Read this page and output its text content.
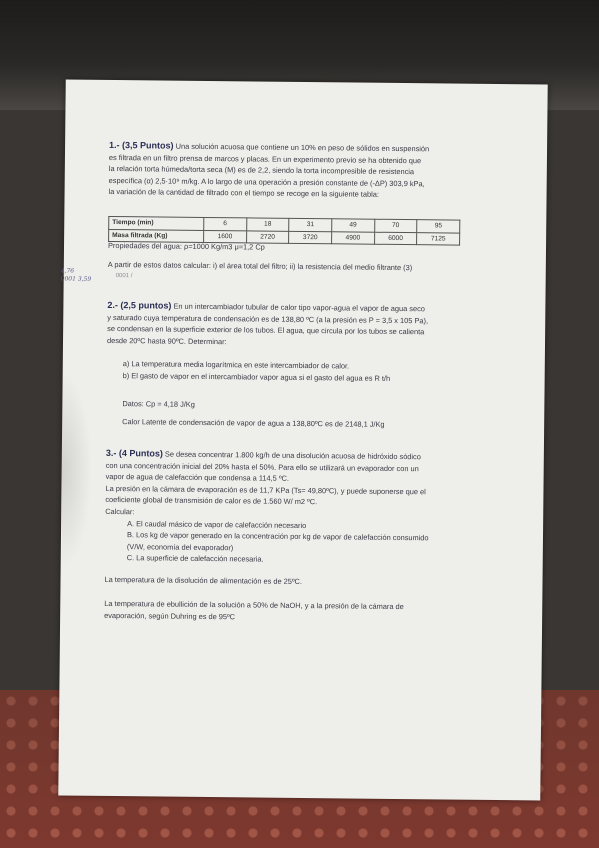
1.- (3,5 Puntos) Una solución acuosa que contiene un 10% en peso de sólidos en suspensión
es filtrada en un filtro prensa de marcos y placas. En un experimento previo se ha obtenido que
la relación torta húmeda/torta seca (M) es de 2,2, siendo la torta incompresible de resistencia
específica (α) 2,5·10⁹ m/kg. A lo largo de una operación a presión constante de (-ΔP) 303,9 kPa,
la variación de la cantidad de filtrado con el tiempo se recoge en la siguiente tabla:
Tiempo (min)	6	18	31	49	70	95
Masa filtrada (Kg)	1600	2720	3720	4900	6000	7125
Propiedades del agua: ρ=1000 Kg/m3 μ=1,2 Cp
A partir de estos datos calcular: i) el área total del filtro; ii) la resistencia del medio filtrante (3)
0001 /
4,76
0001 3,59
2.- (2,5 puntos) En un intercambiador tubular de calor tipo vapor-agua el vapor de agua seco
y saturado cuya temperatura de condensación es de 138,80 ºC (a la presión es P = 3,5 x 105 Pa),
se condensan en la superficie exterior de los tubos. El agua, que circula por los tubos se calienta
desde 20ºC hasta 90ºC. Determinar:
a) La temperatura media logarítmica en este intercambiador de calor.
b) El gasto de vapor en el intercambiador vapor agua si el gasto del agua es R t/h
Datos: Cp = 4,18 J/Kg
Calor Latente de condensación de vapor de agua a 138,80ºC es de 2148,1 J/Kg
3.- (4 Puntos) Se desea concentrar 1.800 kg/h de una disolución acuosa de hidróxido sódico
con una concentración inicial del 20% hasta el 50%. Para ello se utilizará un evaporador con un
vapor de agua de calefacción que condensa a 114,5 ºC.
La presión en la cámara de evaporación es de 11,7 KPa (Ts= 49,80ºC), y puede suponerse que el
coeficiente global de transmisión de calor es de 1.560 W/ m2 ºC.
Calcular:
A. El caudal másico de vapor de calefacción necesario
B. Los kg de vapor generado en la concentración por kg de vapor de calefacción consumido
(V/W, economía del evaporador)
C. La superficie de calefacción necesaria.
La temperatura de la disolución de alimentación es de 25ºC.
La temperatura de ebullición de la solución a 50% de NaOH, y a la presión de la cámara de
evaporación, según Duhring es de 95ºC
